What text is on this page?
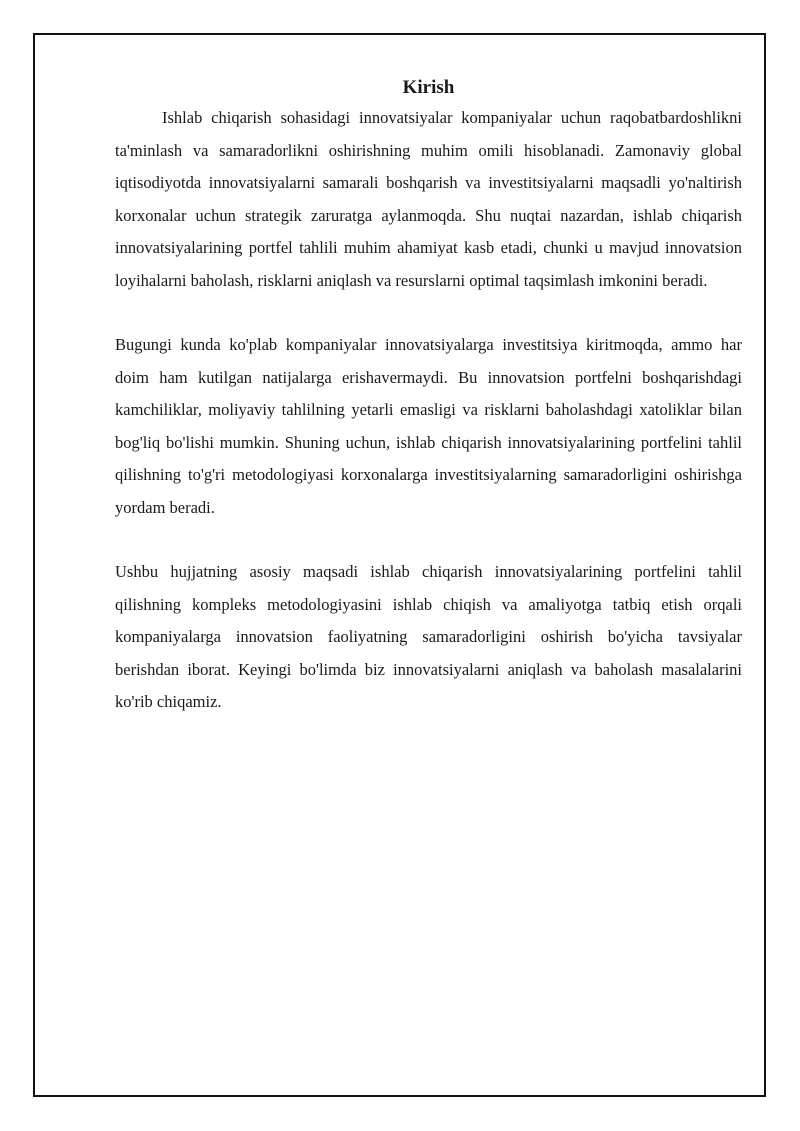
Kirish

Ishlab chiqarish sohasidagi innovatsiyalar kompaniyalar uchun raqobatbardoshlikni ta'minlash va samaradorlikni oshirishning muhim omili hisoblanadi. Zamonaviy global iqtisodiyotda innovatsiyalarni samarali boshqarish va investitsiyalarni maqsadli yo'naltirish korxonalar uchun strategik zaruratga aylanmoqda. Shu nuqtai nazardan, ishlab chiqarish innovatsiyalarining portfel tahlili muhim ahamiyat kasb etadi, chunki u mavjud innovatsion loyihalarni baholash, risklarni aniqlash va resurslarni optimal taqsimlash imkonini beradi.

Bugungi kunda ko'plab kompaniyalar innovatsiyalarga investitsiya kiritmoqda, ammo har doim ham kutilgan natijalarga erishavermaydi. Bu innovatsion portfelni boshqarishdagi kamchiliklar, moliyaviy tahlilning yetarli emasligi va risklarni baholashdagi xatoliklar bilan bog'liq bo'lishi mumkin. Shuning uchun, ishlab chiqarish innovatsiyalarining portfelini tahlil qilishning to'g'ri metodologiyasi korxonalarga investitsiyalarning samaradorligini oshirishga yordam beradi.

Ushbu hujjatning asosiy maqsadi ishlab chiqarish innovatsiyalarining portfelini tahlil qilishning kompleks metodologiyasini ishlab chiqish va amaliyotga tatbiq etish orqali kompaniyalarga innovatsion faoliyatning samaradorligini oshirish bo'yicha tavsiyalar berishdan iborat. Keyingi bo'limda biz innovatsiyalarni aniqlash va baholash masalalarini ko'rib chiqamiz.
